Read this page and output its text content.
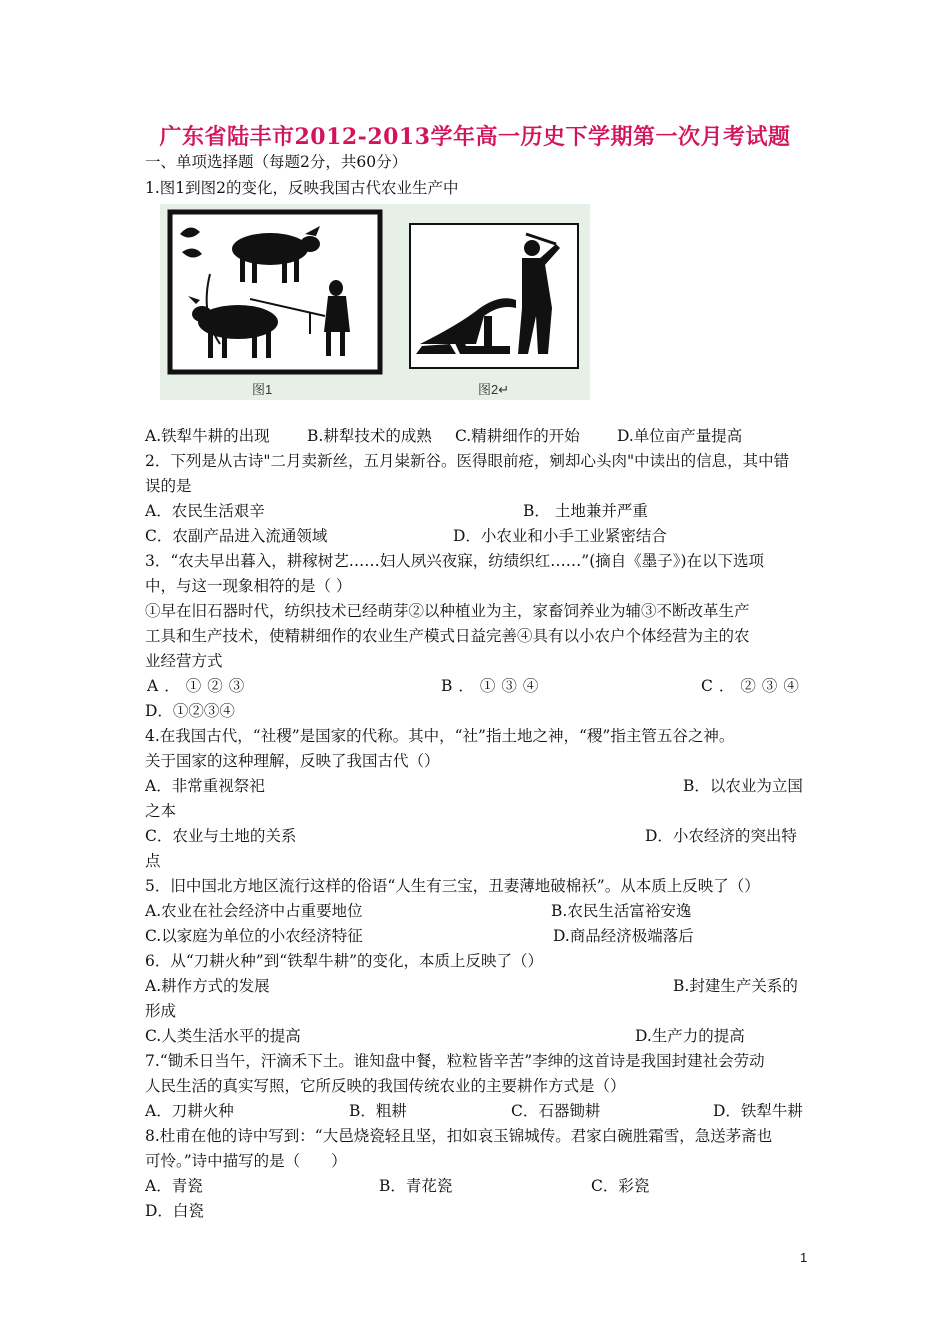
广东省陆丰市2012-2013学年高一历史下学期第一次月考试题
一、单项选择题（每题2分，共60分）
1.图1到图2的变化，反映我国古代农业生产中
图1	图2↵
A.铁犁牛耕的出现 B.耕犁技术的成熟 C.精耕细作的开始 D.单位亩产量提高
2．下列是从古诗"二月卖新丝，五月粜新谷。医得眼前疮，剜却心头肉"中读出的信息，其中错
误的是
A．农民生活艰辛	B． 土地兼并严重
C．农副产品进入流通领域	D．小农业和小手工业紧密结合
3．“农夫早出暮入，耕稼树艺……妇人夙兴夜寐，纺绩织红……”(摘自《墨子》)在以下选项
中，与这一现象相符的是（ ）
①早在旧石器时代，纺织技术已经萌芽②以种植业为主，家畜饲养业为辅③不断改革生产
工具和生产技术，使精耕细作的农业生产模式日益完善④具有以小农户个体经营为主的农
业经营方式
A．①②③	B．①③④	C．②③④
D．①②③④
4.在我国古代，“社稷”是国家的代称。其中，“社”指土地之神，“稷”指主管五谷之神。
关于国家的这种理解，反映了我国古代（）
A．非常重视祭祀	B．以农业为立国
之本
C．农业与土地的关系	D．小农经济的突出特
点
5．旧中国北方地区流行这样的俗语“人生有三宝，丑妻薄地破棉袄”。从本质上反映了（）
A.农业在社会经济中占重要地位	B.农民生活富裕安逸
C.以家庭为单位的小农经济特征	D.商品经济极端落后
6．从“刀耕火种”到“铁犁牛耕”的变化，本质上反映了（）
A.耕作方式的发展	B.封建生产关系的
形成
C.人类生活水平的提高	D.生产力的提高
7.“锄禾日当午，汗滴禾下土。谁知盘中餐，粒粒皆辛苦”李绅的这首诗是我国封建社会劳动
人民生活的真实写照，它所反映的我国传统农业的主要耕作方式是（）
A．刀耕火种	B．粗耕	C．石器锄耕	D．铁犁牛耕
8.杜甫在他的诗中写到：“大邑烧瓷轻且坚，扣如哀玉锦城传。君家白碗胜霜雪，急送茅斋也
可怜。”诗中描写的是（　　）
A．青瓷	B．青花瓷	C．彩瓷
D．白瓷
1
